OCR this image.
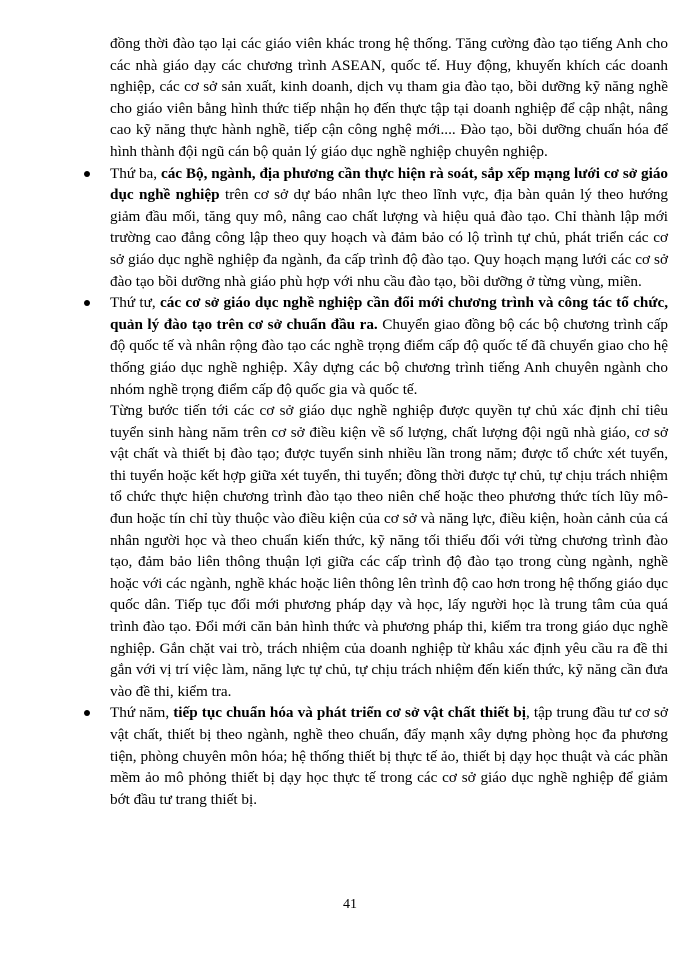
đồng thời đào tạo lại các giáo viên khác trong hệ thống. Tăng cường đào tạo tiếng Anh cho các nhà giáo dạy các chương trình ASEAN, quốc tế. Huy động, khuyến khích các doanh nghiệp, các cơ sở sản xuất, kinh doanh, dịch vụ tham gia đào tạo, bồi dưỡng kỹ năng nghề cho giáo viên bằng hình thức tiếp nhận họ đến thực tập tại doanh nghiệp để cập nhật, nâng cao kỹ năng thực hành nghề, tiếp cận công nghệ mới.... Đào tạo, bồi dưỡng chuẩn hóa để hình thành đội ngũ cán bộ quản lý giáo dục nghề nghiệp chuyên nghiệp.

Thứ ba, các Bộ, ngành, địa phương cần thực hiện rà soát, sắp xếp mạng lưới cơ sở giáo dục nghề nghiệp trên cơ sở dự báo nhân lực theo lĩnh vực, địa bàn quản lý theo hướng giảm đầu mối, tăng quy mô, nâng cao chất lượng và hiệu quả đào tạo. Chỉ thành lập mới trường cao đẳng công lập theo quy hoạch và đảm bảo có lộ trình tự chủ, phát triển các cơ sở giáo dục nghề nghiệp đa ngành, đa cấp trình độ đào tạo. Quy hoạch mạng lưới các cơ sở đào tạo bồi dưỡng nhà giáo phù hợp với nhu cầu đào tạo, bồi dưỡng ở từng vùng, miền.

Thứ tư, các cơ sở giáo dục nghề nghiệp cần đổi mới chương trình và công tác tổ chức, quản lý đào tạo trên cơ sở chuẩn đầu ra. Chuyển giao đồng bộ các bộ chương trình cấp độ quốc tế và nhân rộng đào tạo các nghề trọng điểm cấp độ quốc tế đã chuyển giao cho hệ thống giáo dục nghề nghiệp. Xây dựng các bộ chương trình tiếng Anh chuyên ngành cho nhóm nghề trọng điểm cấp độ quốc gia và quốc tế.

Từng bước tiến tới các cơ sở giáo dục nghề nghiệp được quyền tự chủ xác định chỉ tiêu tuyển sinh hàng năm trên cơ sở điều kiện về số lượng, chất lượng đội ngũ nhà giáo, cơ sở vật chất và thiết bị đào tạo; được tuyển sinh nhiều lần trong năm; được tổ chức xét tuyển, thi tuyển hoặc kết hợp giữa xét tuyển, thi tuyển; đồng thời được tự chủ, tự chịu trách nhiệm tổ chức thực hiện chương trình đào tạo theo niên chế hoặc theo phương thức tích lũy mô-đun hoặc tín chỉ tùy thuộc vào điều kiện của cơ sở và năng lực, điều kiện, hoàn cảnh của cá nhân người học và theo chuẩn kiến thức, kỹ năng tối thiểu đối với từng chương trình đào tạo, đảm bảo liên thông thuận lợi giữa các cấp trình độ đào tạo trong cùng ngành, nghề hoặc với các ngành, nghề khác hoặc liên thông lên trình độ cao hơn trong hệ thống giáo dục quốc dân. Tiếp tục đổi mới phương pháp dạy và học, lấy người học là trung tâm của quá trình đào tạo. Đổi mới căn bản hình thức và phương pháp thi, kiểm tra trong giáo dục nghề nghiệp. Gắn chặt vai trò, trách nhiệm của doanh nghiệp từ khâu xác định yêu cầu ra đề thi gắn với vị trí việc làm, năng lực tự chủ, tự chịu trách nhiệm đến kiến thức, kỹ năng cần đưa vào đề thi, kiểm tra.

Thứ năm, tiếp tục chuẩn hóa và phát triển cơ sở vật chất thiết bị, tập trung đầu tư cơ sở vật chất, thiết bị theo ngành, nghề theo chuẩn, đẩy mạnh xây dựng phòng học đa phương tiện, phòng chuyên môn hóa; hệ thống thiết bị thực tế ảo, thiết bị dạy học thuật và các phần mềm ảo mô phỏng thiết bị dạy học thực tế trong các cơ sở giáo dục nghề nghiệp để giảm bớt đầu tư trang thiết bị.

41
